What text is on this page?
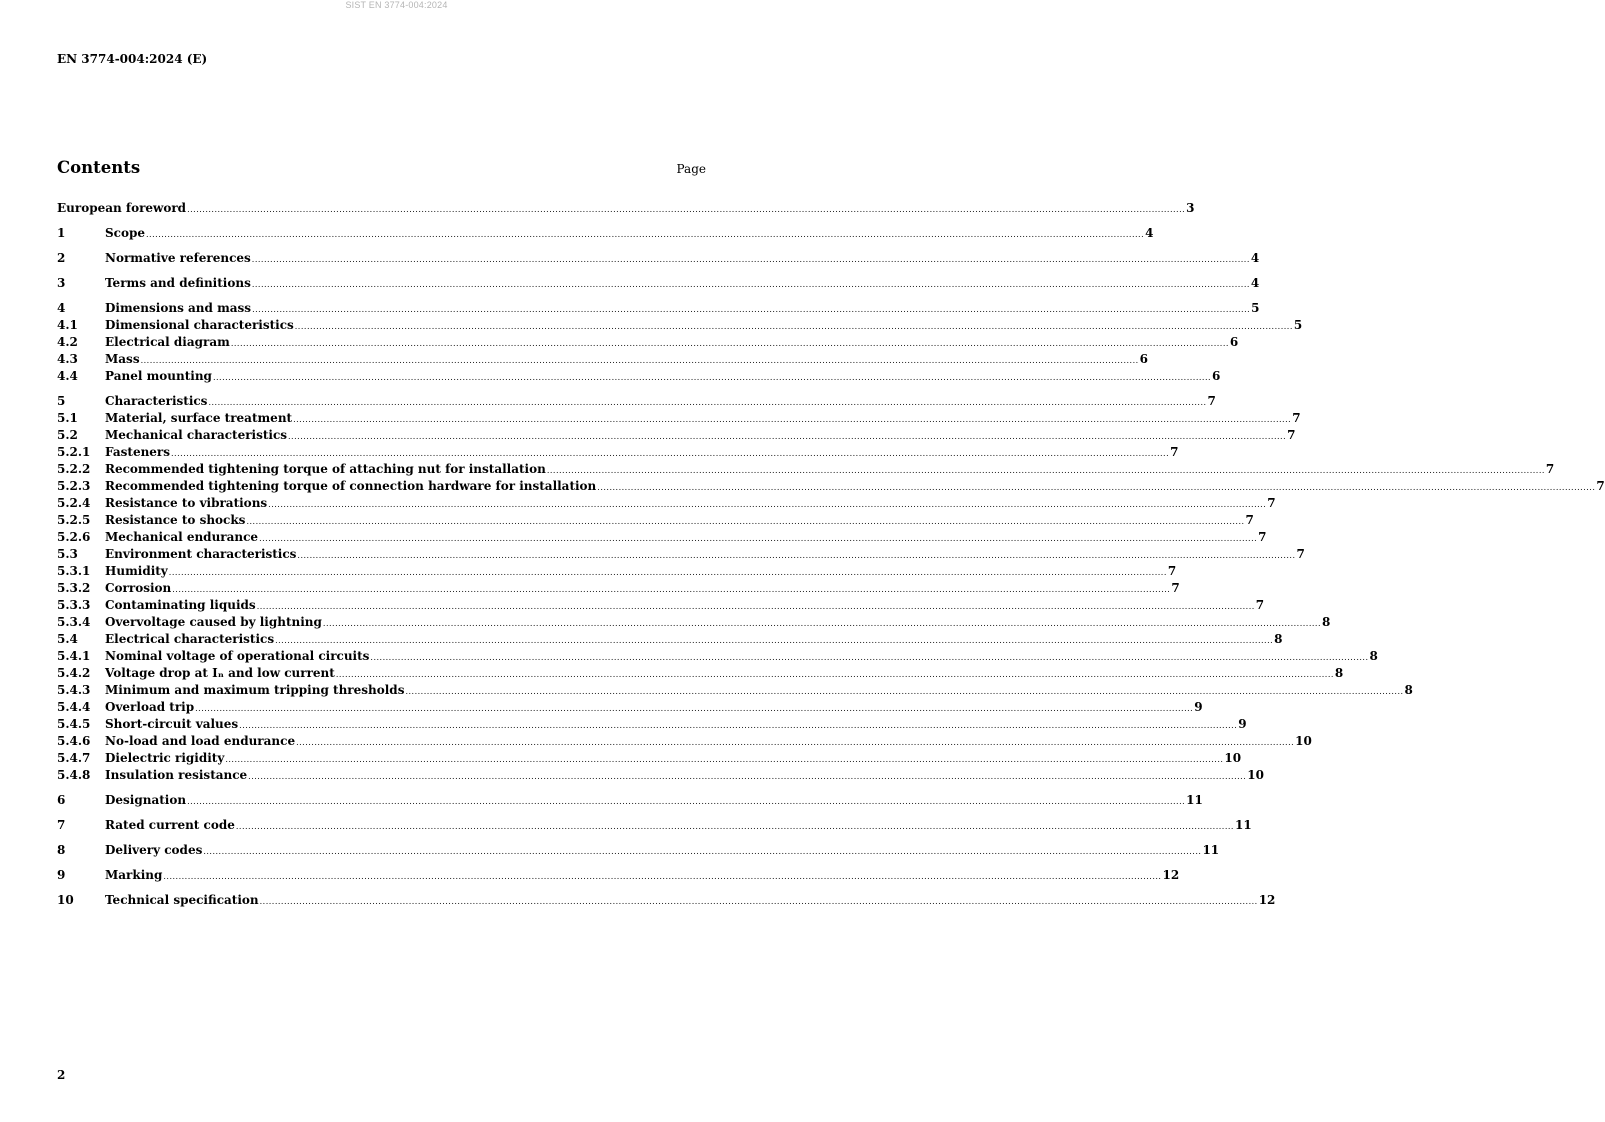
SIST EN 3774-004:2024
EN 3774-004:2024 (E)
Contents	Page
European foreword .....	3
1	Scope .....	4
2	Normative references .....	4
3	Terms and definitions .....	4
4	Dimensions and mass .....	5
4.1	Dimensional characteristics .....	5
4.2	Electrical diagram .....	6
4.3	Mass .....	6
4.4	Panel mounting .....	6
5	Characteristics .....	7
5.1	Material, surface treatment .....	7
5.2	Mechanical characteristics .....	7
5.2.1	Fasteners .....	7
5.2.2	Recommended tightening torque of attaching nut for installation .....	7
5.2.3	Recommended tightening torque of connection hardware for installation .....	7
5.2.4	Resistance to vibrations .....	7
5.2.5	Resistance to shocks .....	7
5.2.6	Mechanical endurance .....	7
5.3	Environment characteristics .....	7
5.3.1	Humidity .....	7
5.3.2	Corrosion .....	7
5.3.3	Contaminating liquids .....	7
5.3.4	Overvoltage caused by lightning .....	8
5.4	Electrical characteristics .....	8
5.4.1	Nominal voltage of operational circuits .....	8
5.4.2	Voltage drop at Iₙ and low current .....	8
5.4.3	Minimum and maximum tripping thresholds .....	8
5.4.4	Overload trip .....	9
5.4.5	Short-circuit values .....	9
5.4.6	No-load and load endurance .....	10
5.4.7	Dielectric rigidity .....	10
5.4.8	Insulation resistance .....	10
6	Designation .....	11
7	Rated current code .....	11
8	Delivery codes .....	11
9	Marking .....	12
10	Technical specification .....	12
2
